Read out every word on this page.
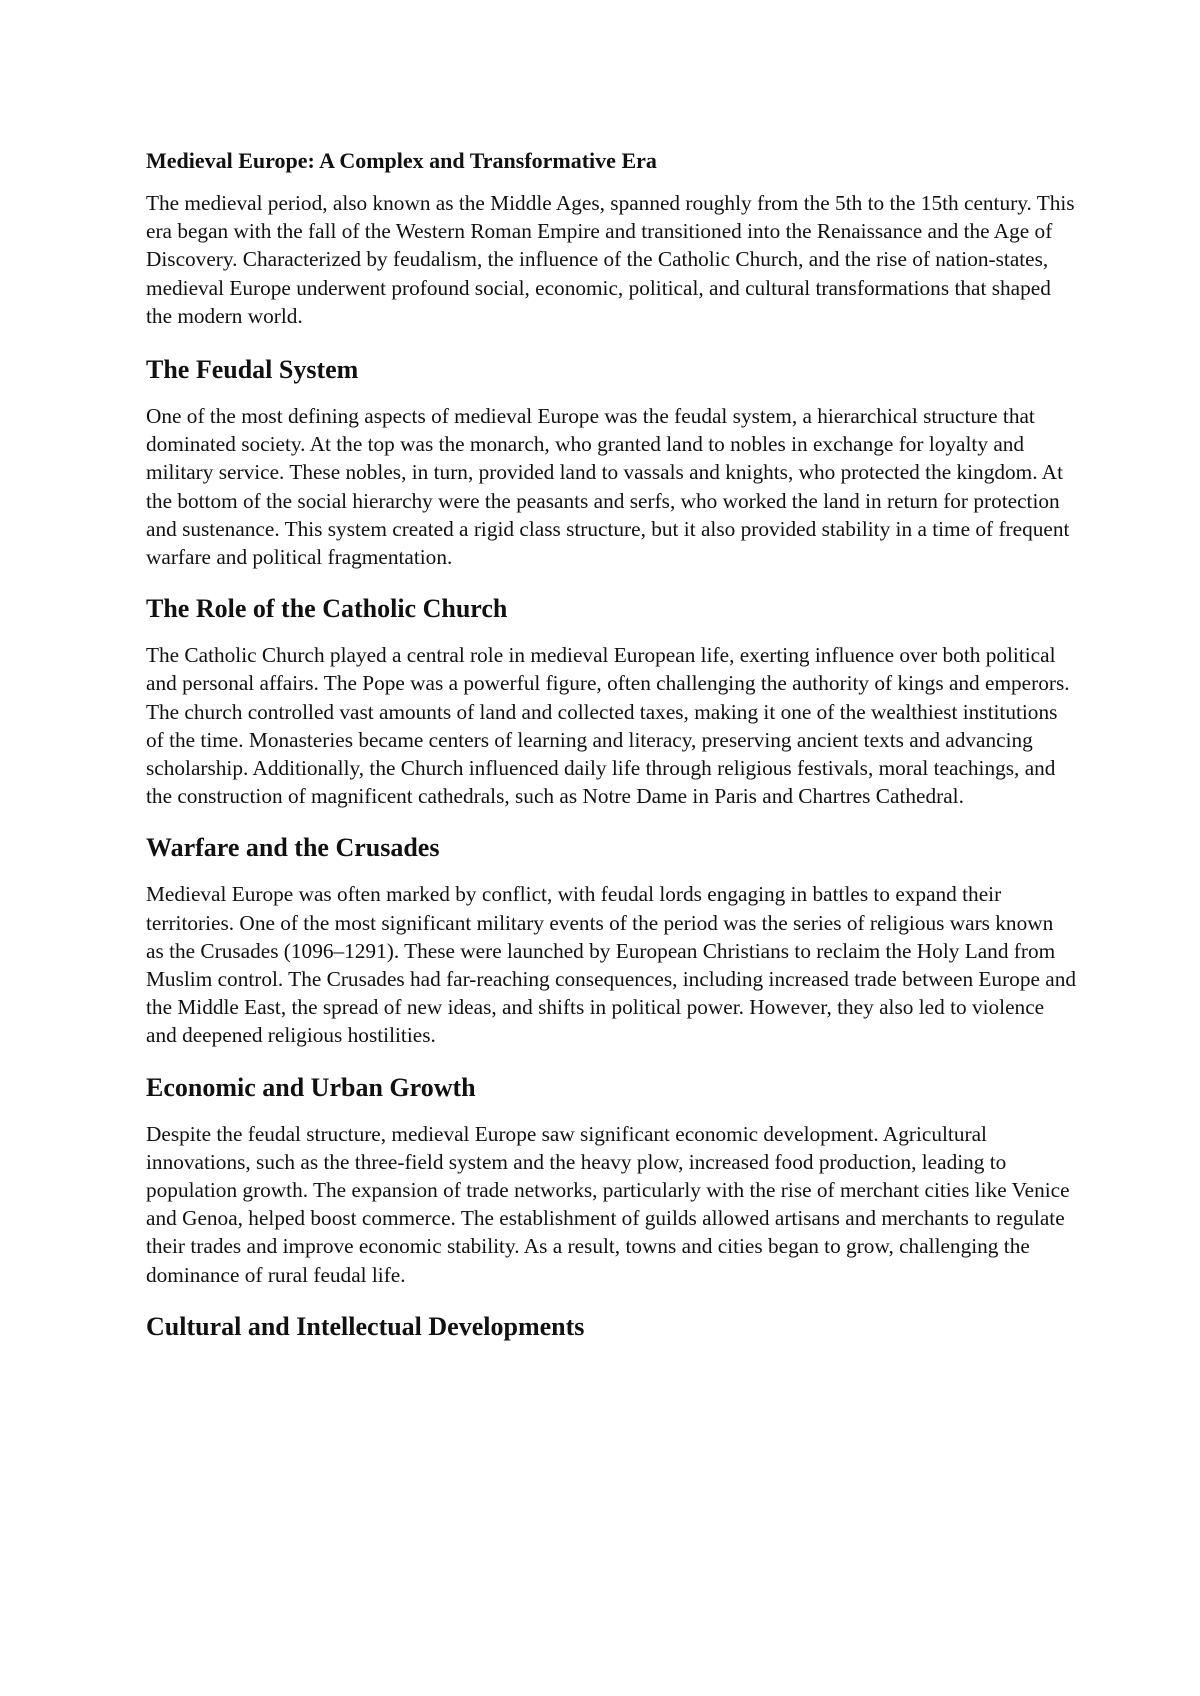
Medieval Europe: A Complex and Transformative Era

The medieval period, also known as the Middle Ages, spanned roughly from the 5th to the 15th century. This era began with the fall of the Western Roman Empire and transitioned into the Renaissance and the Age of Discovery. Characterized by feudalism, the influence of the Catholic Church, and the rise of nation-states, medieval Europe underwent profound social, economic, political, and cultural transformations that shaped the modern world.

The Feudal System

One of the most defining aspects of medieval Europe was the feudal system, a hierarchical structure that dominated society. At the top was the monarch, who granted land to nobles in exchange for loyalty and military service. These nobles, in turn, provided land to vassals and knights, who protected the kingdom. At the bottom of the social hierarchy were the peasants and serfs, who worked the land in return for protection and sustenance. This system created a rigid class structure, but it also provided stability in a time of frequent warfare and political fragmentation.

The Role of the Catholic Church

The Catholic Church played a central role in medieval European life, exerting influence over both political and personal affairs. The Pope was a powerful figure, often challenging the authority of kings and emperors. The church controlled vast amounts of land and collected taxes, making it one of the wealthiest institutions of the time. Monasteries became centers of learning and literacy, preserving ancient texts and advancing scholarship. Additionally, the Church influenced daily life through religious festivals, moral teachings, and the construction of magnificent cathedrals, such as Notre Dame in Paris and Chartres Cathedral.

Warfare and the Crusades

Medieval Europe was often marked by conflict, with feudal lords engaging in battles to expand their territories. One of the most significant military events of the period was the series of religious wars known as the Crusades (1096–1291). These were launched by European Christians to reclaim the Holy Land from Muslim control. The Crusades had far-reaching consequences, including increased trade between Europe and the Middle East, the spread of new ideas, and shifts in political power. However, they also led to violence and deepened religious hostilities.

Economic and Urban Growth

Despite the feudal structure, medieval Europe saw significant economic development. Agricultural innovations, such as the three-field system and the heavy plow, increased food production, leading to population growth. The expansion of trade networks, particularly with the rise of merchant cities like Venice and Genoa, helped boost commerce. The establishment of guilds allowed artisans and merchants to regulate their trades and improve economic stability. As a result, towns and cities began to grow, challenging the dominance of rural feudal life.

Cultural and Intellectual Developments
